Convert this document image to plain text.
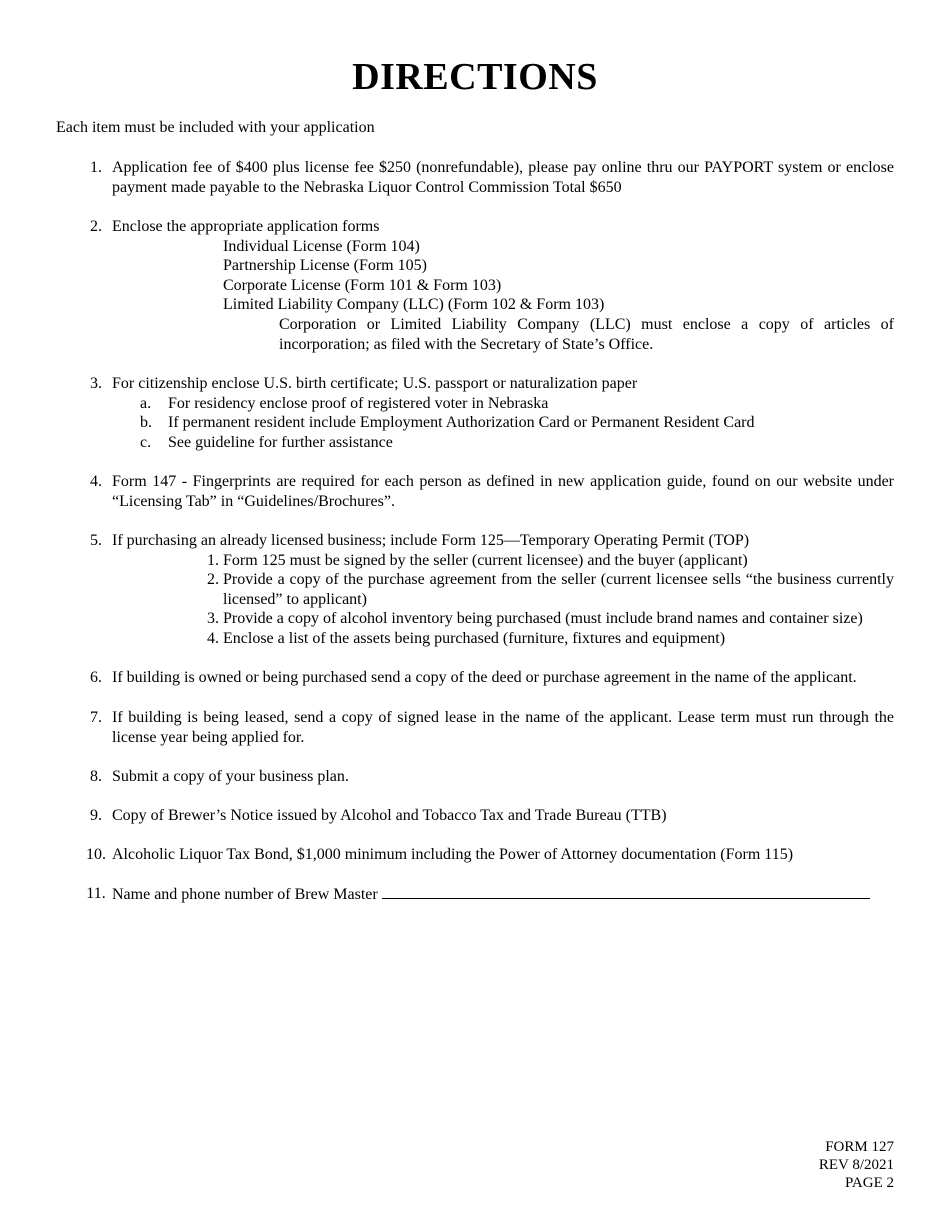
DIRECTIONS
Each item must be included with your application
1. Application fee of $400 plus license fee $250 (nonrefundable), please pay online thru our PAYPORT system or enclose payment made payable to the Nebraska Liquor Control Commission Total $650
2. Enclose the appropriate application forms
Individual License (Form 104)
Partnership License (Form 105)
Corporate License (Form 101 & Form 103)
Limited Liability Company (LLC) (Form 102 & Form 103)
Corporation or Limited Liability Company (LLC) must enclose a copy of articles of incorporation; as filed with the Secretary of State’s Office.
3. For citizenship enclose U.S. birth certificate; U.S. passport or naturalization paper
a.	For residency enclose proof of registered voter in Nebraska
b.	If permanent resident include Employment Authorization Card or Permanent Resident Card
c.	See guideline for further assistance
4. Form 147 - Fingerprints are required for each person as defined in new application guide, found on our website under “Licensing Tab” in “Guidelines/Brochures”.
5. If purchasing an already licensed business; include Form 125—Temporary Operating Permit (TOP)
1. Form 125 must be signed by the seller (current licensee) and the buyer (applicant)
2. Provide a copy of the purchase agreement from the seller (current licensee sells “the business currently licensed” to applicant)
3. Provide a copy of alcohol inventory being purchased (must include brand names and container size)
4. Enclose a list of the assets being purchased (furniture, fixtures and equipment)
6. If building is owned or being purchased send a copy of the deed or purchase agreement in the name of the applicant.
7. If building is being leased, send a copy of signed lease in the name of the applicant. Lease term must run through the license year being applied for.
8. Submit a copy of your business plan.
9. Copy of Brewer’s Notice issued by Alcohol and Tobacco Tax and Trade Bureau (TTB)
10. Alcoholic Liquor Tax Bond, $1,000 minimum including the Power of Attorney documentation (Form 115)
11. Name and phone number of Brew Master
FORM 127
REV 8/2021
PAGE 2
